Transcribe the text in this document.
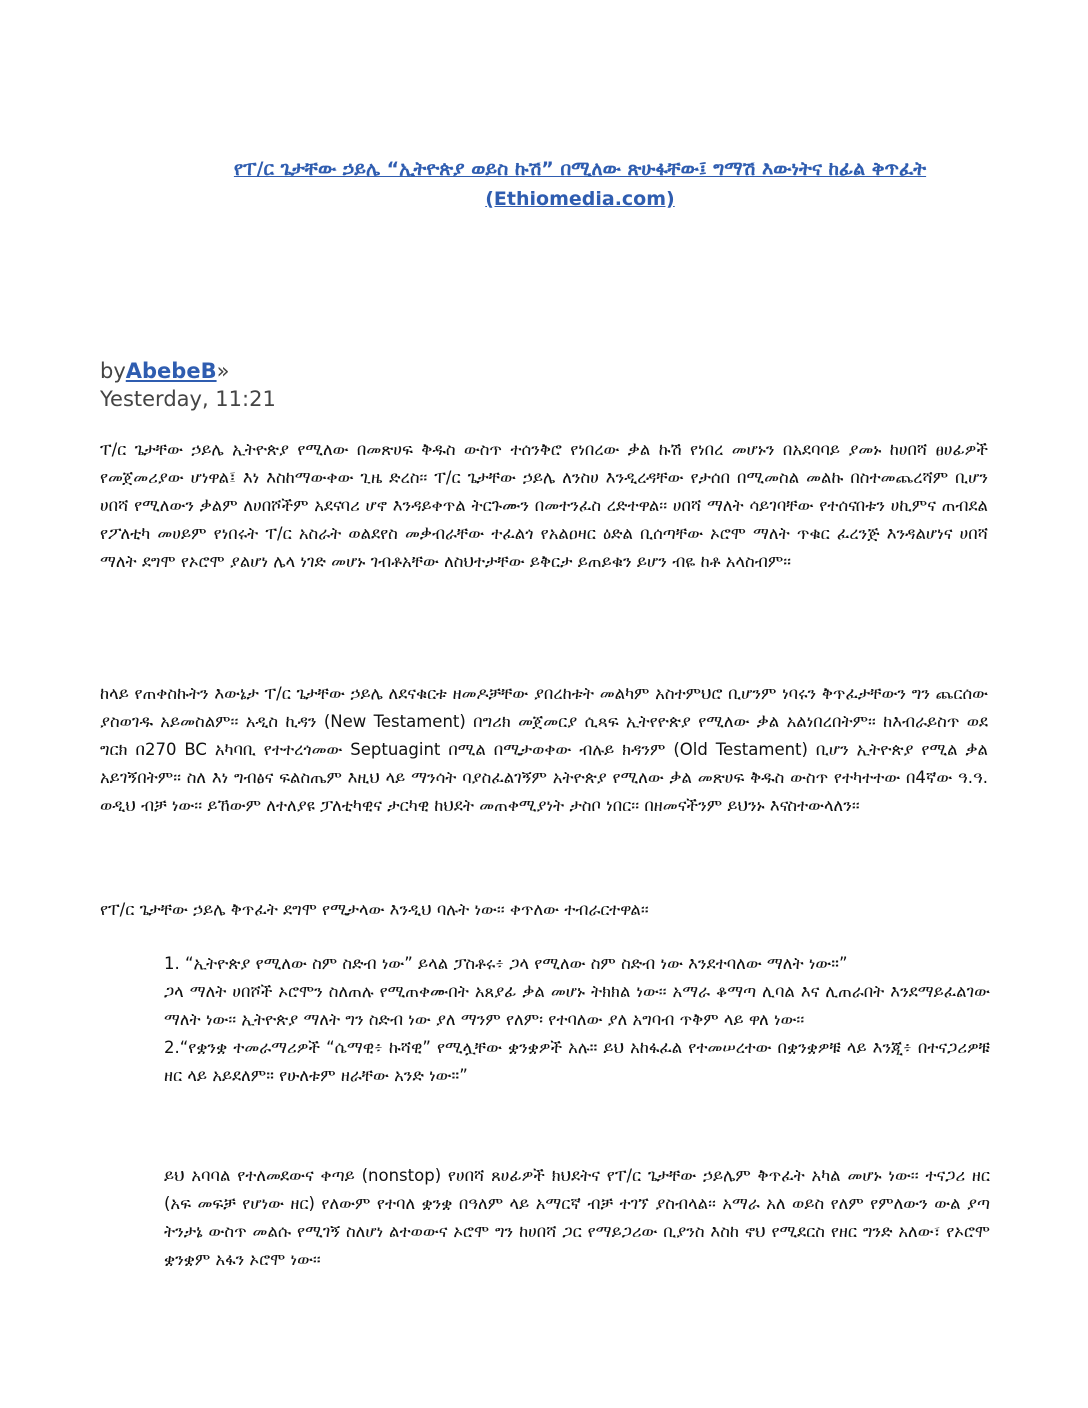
የፐ/ር ጌታቸው ኃይሌ “ኢትዮጵያ ወይስ ኩሽ” በሚለው ጽሁፋቸው፤ ግማሽ እውነትና ከፊል ቅጥፈት
(Ethiomedia.com)
byAbebeB»
Yesterday, 11:21
ፐ/ር ጌታቸው ኃይሌ ኢትዮጵያ የሚለው በመጽሀፍ ቅዱስ ውስጥ ተሰንቅሮ የነበረው ቃል ኩሽ የነበረ መሆኑን በአደባባይ ያመኑ ከሀበሻ ፀሀፊዎች የመጀመሪያው ሆነዋል፤ እነ እስከማውቀው ጊዜ ድረስ፡፡ ፐ/ር ጌታቸው ኃይሌ ለንስሀ እንዲረዳቸው የታሰበ በሚመስል መልኩ በስተመጨረሻም ቢሆን ሀበሻ የሚለውን ቃልም ለሀበሾችም አደናባሪ ሆኖ እንዳይቀጥል ትርጉሙን በመተንፈስ ረድተዋል፡፡ ሀበሻ ማለት ሳይገባቸው የተሰናበቱን ሀኪምና ጠብደል የፖለቲካ መሀይም የነበሩት ፐ/ር አስራት ወልደየስ መቃብራቸው ተፈልጎ የአልዐዛር ዕድል ቢሰጣቸው ኦሮሞ ማለት ጥቁር ፈረንጅ እንዳልሆነና ሀበሻ ማለት ደግሞ የኦሮሞ ያልሆነ ሌላ ነገድ መሆኑ ገብቶአቸው ለስህተታቸው ይቅርታ ይጠይቁን ይሆን ብዬ ከቶ አላስብም፡፡
ከላይ የጠቀስኩትን እውኔታ ፐ/ር ጌታቸው ኃይሌ ለደናቁርቱ ዘመዶቻቸው ያበረከቱት መልካም አስተምህሮ ቢሆንም ነባሩን ቅጥፈታቸውን ግን ጨርሰው ያስወገዱ አይመስልም፡፡ አዲስ ኪዳን (New Testament) በግሪክ መጀመርያ ሲጻፍ ኢትየዮጵያ የሚለው ቃል አልነበረበትም፡፡ ከእብራይስጥ ወደ ግርክ በ270 BC አካባቢ የተተረጎመው Septuagint በሚል በሚታወቀው ብሉይ ክዳንም (Old Testament) ቢሆን ኢትዮጵያ የሚል ቃል አይገኝበትም፡፡ ስለ እነ ግብፅና ፍልስጤም እዚህ ላይ ማንሳት ባያስፈልገኝም አትዮጵያ የሚለው ቃል መጽሀፍ ቅዱስ ውስጥ የተካተተው በ4ኛው ዓ.ዓ. ወዲህ ብቻ ነው፡፡ ይኸውም ለተለያዩ ፓለቲካዊና ታርካዊ ከህደት መጠቀሚያነት ታስቦ ነበር፡፡ በዘመናችንም ይህንኑ እናስተውላለን፡፡
የፐ/ር ጌታቸው ኃይሌ ቅጥፈት ደግሞ የሚታላው እንዲህ ባሉት ነው፡፡ ቀጥለው ተብራርተዋል፡፡
1. “ኢትዮጵያ የሚለው ስም ስድብ ነው” ይላል ፓስቶሩ፥ ጋላ የሚለው ስም ስድብ ነው እንደተባለው ማለት ነው።”
ጋላ ማለት ሀበሾች ኦሮሞን ስለጠሉ የሚጠቀሙበት አጸያፊ ቃል መሆኑ ትክክል ነው፡፡ አማራ ቆማጣ ሊባል እና ሊጠራበት እንደማይፈልገው ማለት ነው፡፡ ኢትዮጵያ ማለት ግን ስድብ ነው ያለ ማንም የለም፡ የተባለው ያለ አግባብ ጥቅም ላይ ዋለ ነው፡፡
2.“የቋንቋ ተመራማሪዎች “ሴማዊ፥ ኩሻዊ” የሚሏቸው ቋንቋዎች አሉ። ይህ አከፋፈል የተመሠረተው በቋንቋዎቹ ላይ እንጂ፥ በተናጋሪዎቹ ዘር ላይ አይደለም። የሁለቱም ዘራቸው አንድ ነው።”
ይህ አባባል የተለመደውና ቀጣይ (nonstop) የሀበሻ ጸሀፊዎች ክህደትና የፐ/ር ጌታቸው ኃይሌም ቅጥፈት አካል መሆኑ ነው፡፡ ተናጋሪ ዘር (አፍ መፍቻ የሆነው ዘር) የለውም የተባለ ቋንቋ በዓለም ላይ አማርኛ ብቻ ተገኘ ያስብላል፡፡ አማራ አለ ወይስ የለም የምለውን ውል ያጣ ትንታኔ ውስጥ መልሱ የሚገኝ ስለሆነ ልተወውና ኦሮሞ ግን ከሀበሻ ጋር የማይጋሪው ቢያንስ እስከ ኖህ የሚደርስ የዘር ግንድ አለው፣ የኦሮሞ ቋንቋም አፋን ኦሮሞ ነው፡፡
